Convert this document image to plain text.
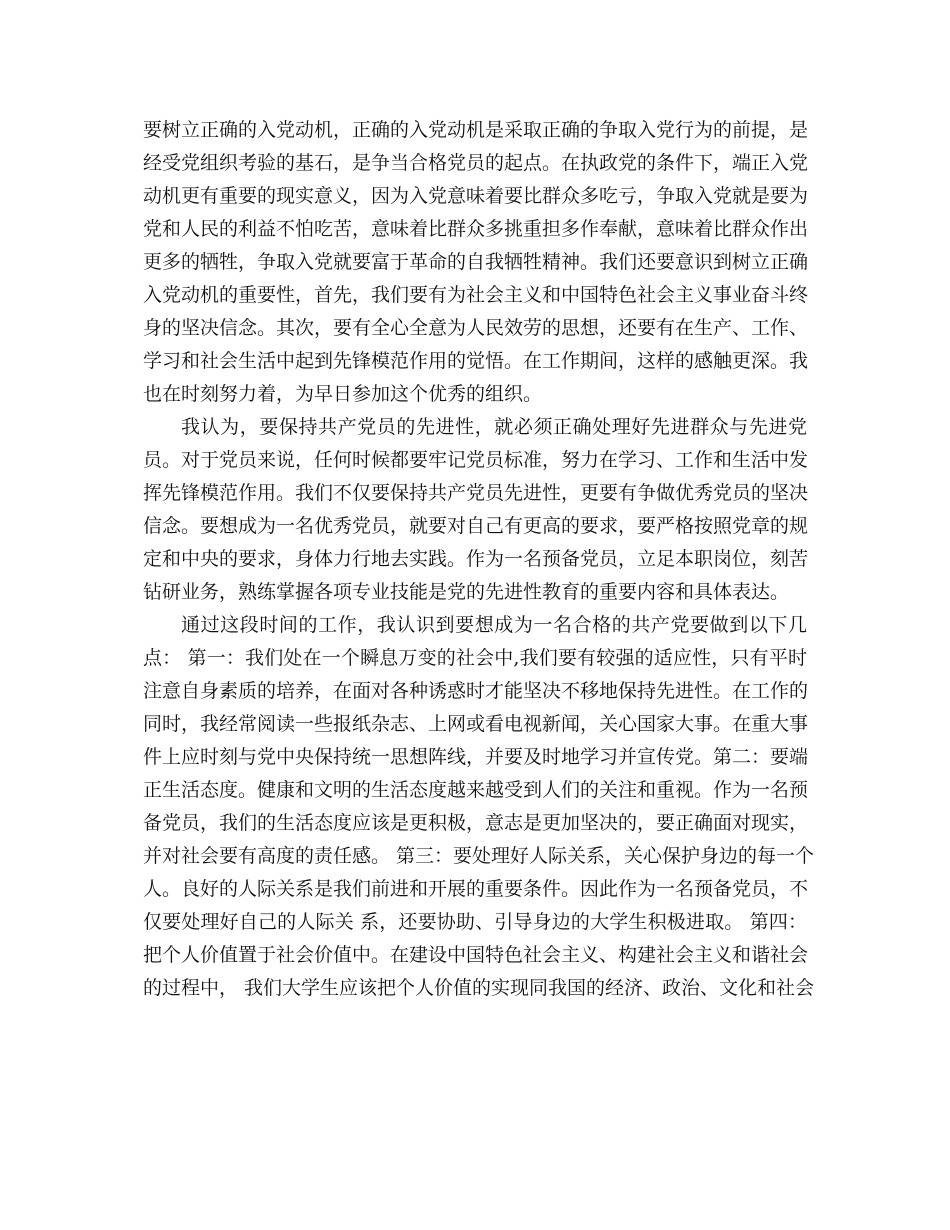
要树立正确的入党动机，正确的入党动机是采取正确的争取入党行为的前提，是
经受党组织考验的基石，是争当合格党员的起点。在执政党的条件下，端正入党
动机更有重要的现实意义，因为入党意味着要比群众多吃亏，争取入党就是要为
党和人民的利益不怕吃苦，意味着比群众多挑重担多作奉献，意味着比群众作出
更多的牺牲，争取入党就要富于革命的自我牺牲精神。我们还要意识到树立正确
入党动机的重要性，首先，我们要有为社会主义和中国特色社会主义事业奋斗终
身的坚决信念。其次，要有全心全意为人民效劳的思想，还要有在生产、工作、
学习和社会生活中起到先锋模范作用的觉悟。在工作期间，这样的感触更深。我
也在时刻努力着，为早日参加这个优秀的组织。
我认为，要保持共产党员的先进性，就必须正确处理好先进群众与先进党
员。对于党员来说，任何时候都要牢记党员标准，努力在学习、工作和生活中发
挥先锋模范作用。我们不仅要保持共产党员先进性，更要有争做优秀党员的坚决
信念。要想成为一名优秀党员，就要对自己有更高的要求，要严格按照党章的规
定和中央的要求，身体力行地去实践。作为一名预备党员，立足本职岗位，刻苦
钻研业务，熟练掌握各项专业技能是党的先进性教育的重要内容和具体表达。
通过这段时间的工作，我认识到要想成为一名合格的共产党要做到以下几
点： 第一：我们处在一个瞬息万变的社会中,我们要有较强的适应性，只有平时
注意自身素质的培养，在面对各种诱惑时才能坚决不移地保持先进性。在工作的
同时，我经常阅读一些报纸杂志、上网或看电视新闻，关心国家大事。在重大事
件上应时刻与党中央保持统一思想阵线，并要及时地学习并宣传党。第二：要端
正生活态度。健康和文明的生活态度越来越受到人们的关注和重视。作为一名预
备党员，我们的生活态度应该是更积极，意志是更加坚决的，要正确面对现实，
并对社会要有高度的责任感。 第三：要处理好人际关系，关心保护身边的每一个
人。良好的人际关系是我们前进和开展的重要条件。因此作为一名预备党员，不
仅要处理好自己的人际关 系，还要协助、引导身边的大学生积极进取。 第四：
把个人价值置于社会价值中。在建设中国特色社会主义、构建社会主义和谐社会
的过程中， 我们大学生应该把个人价值的实现同我国的经济、政治、文化和社会
